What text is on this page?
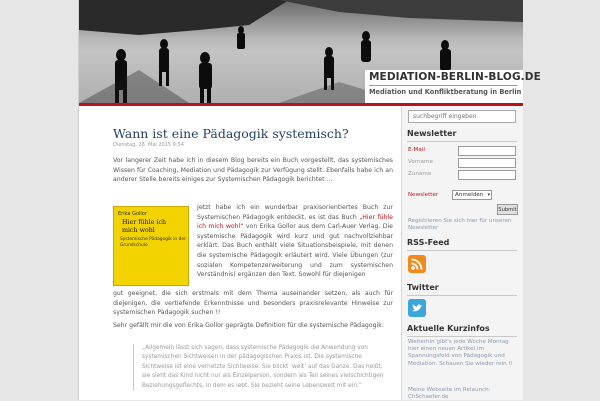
MEDIATION-BERLIN-BLOG.DE
Mediation und Konfliktberatung in Berlin
Wann ist eine Pädagogik systemisch?
Dienstag, 26. Mai 2015 9:54
Vor langerer Zeit habe ich in diesem Blog bereits ein Buch vorgestellt, das systemisches Wissen für Coaching, Mediation und Pädagogik zur Verfügung stellt. Ebenfalls habe ich an anderer Stelle bereits einiges zur Systemischen Pädagogik berichtet ...
Erika Gollor
Hier fühle ich
mich wohl
Systemische Pädagogik in der Grundschule
Jetzt habe ich ein wunderbar praxisorientiertes Buch zur Systemischen Pädagogik entdeckt, es ist das Buch „Hier fühle ich mich wohl“ von Erika Gollor aus dem Carl-Auer Verlag. Die systemische Pädagogik wird kurz und gut nachvollziehbar erklärt. Das Buch enthält viele Situationsbeispiele, mit denen die systemische Pädagogik erläutert wird. Viele Übungen (zur sozialen Kompetenzerweiterung und zum systemischen Verständnis) ergänzen den Text. Sowohl für diejenigen
gut geeignet, die sich erstmals mit dem Thema auseinander setzen, als auch für diejenigen, die vertiefende Erkenntnisse und besonders praxisrelevante Hinweise zur systemischen Pädagogik suchen !!
Sehr gefällt mir die von Erika Gollor geprägte Definition für die systemische Pädagogik:
„Allgemein lässt sich sagen, dass systemische Pädagogik die Anwendung von systemischen Sichtweisen in der pädagogischen Praxis ist. Die systemische Sichtweise ist eine vernetzte Sichtweise. Sie blickt ‘weit’ auf das Ganze. Das heißt, sie sieht das Kind nicht nur als Einzelperson, sondern als Teil seines vielschichtigen Beziehungsgeflechts, in dem es lebt. Sie bezieht seine Lebenswelt mit ein.“
suchbegriff eingeben
Newsletter
E-Mail
Vorname
Zuname
Newsletter	Anmelden ▾
Submit
Registrieren Sie sich hier für unseren Newsletter
RSS-Feed
Twitter
Aktuelle Kurzinfos
Weiterhin gibt's jede Woche Montag hier einen neuen Artikel im Spannungsfeld von Pädagogik und Mediation. Schauen Sie wieder rein !!
Meine Webseite im Relaunch: ChSchaefer.de
